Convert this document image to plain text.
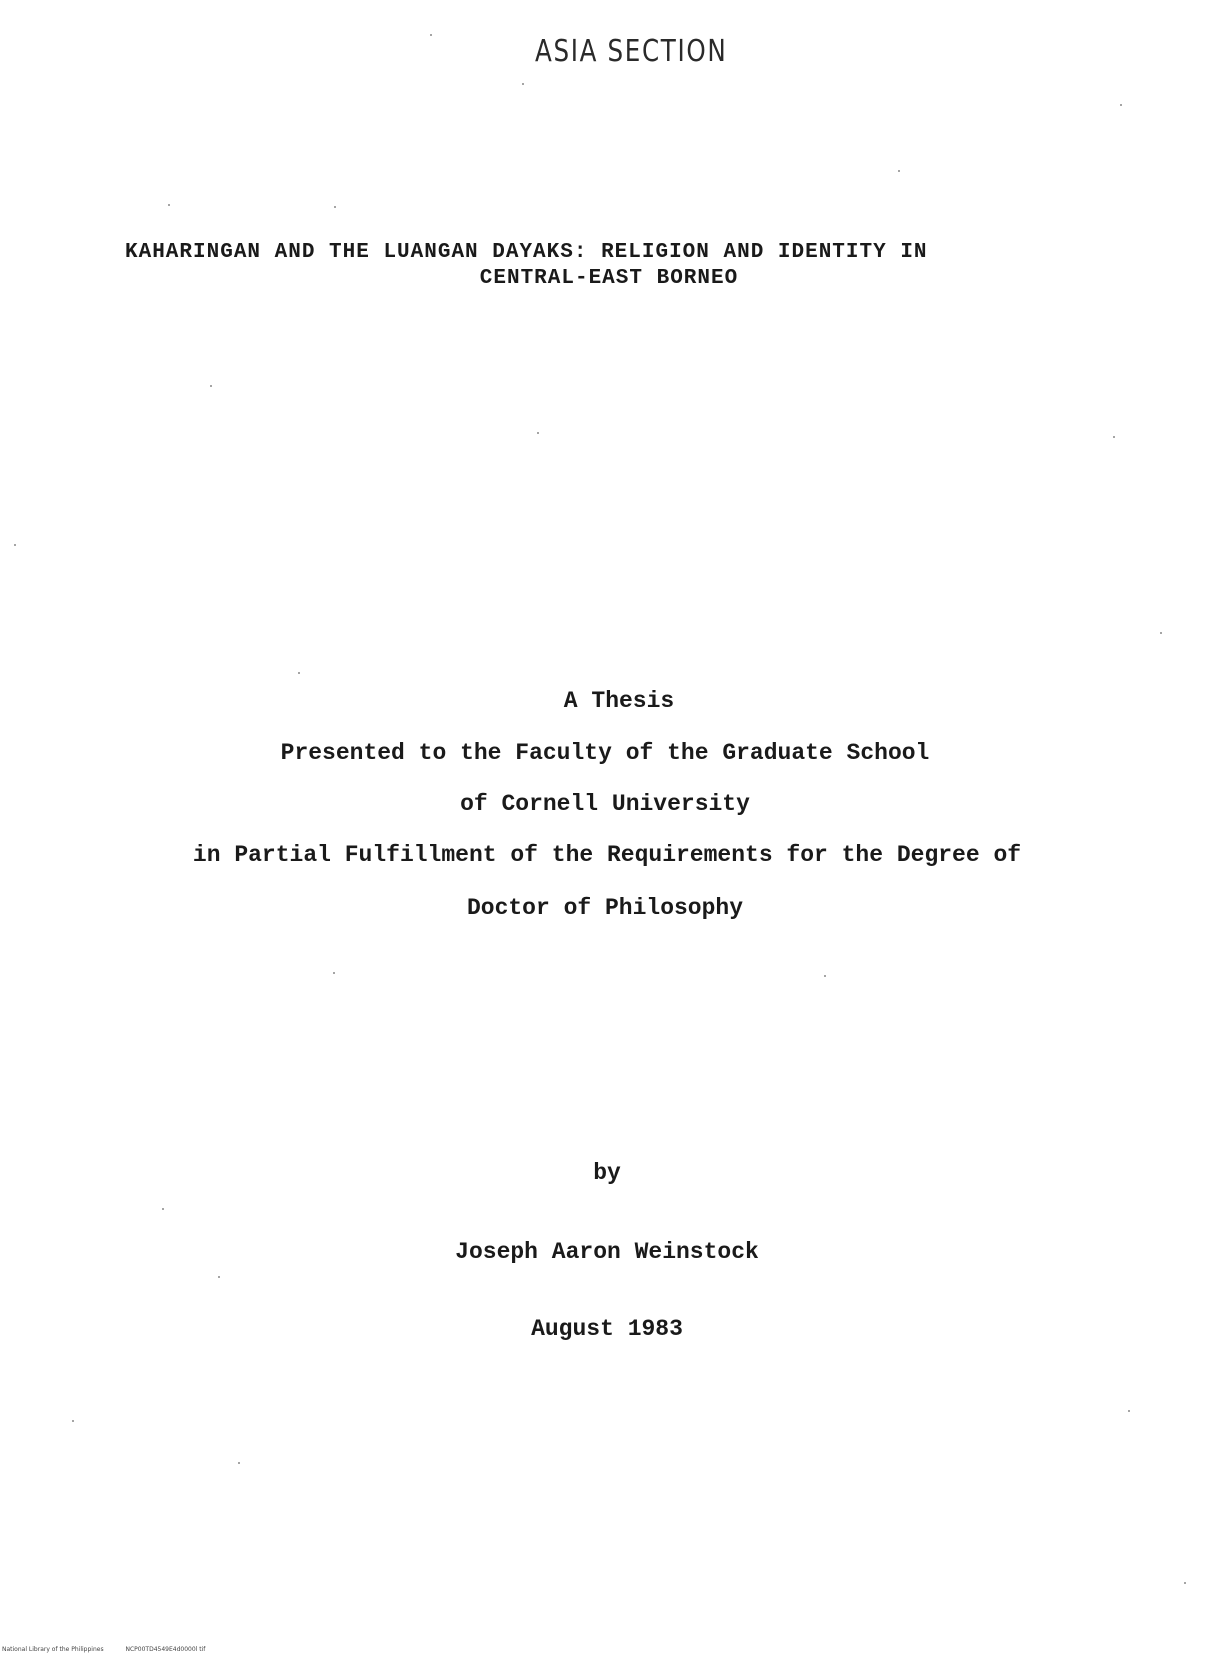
ASIA SECTION
KAHARINGAN AND THE LUANGAN DAYAKS: RELIGION AND IDENTITY IN
CENTRAL-EAST BORNEO
A Thesis
Presented to the Faculty of the Graduate School
of Cornell University
in Partial Fulfillment of the Requirements for the Degree of
Doctor of Philosophy
by
Joseph Aaron Weinstock
August 1983
National Library of the Philippines	NCP00TD4549E4d0000l tif
